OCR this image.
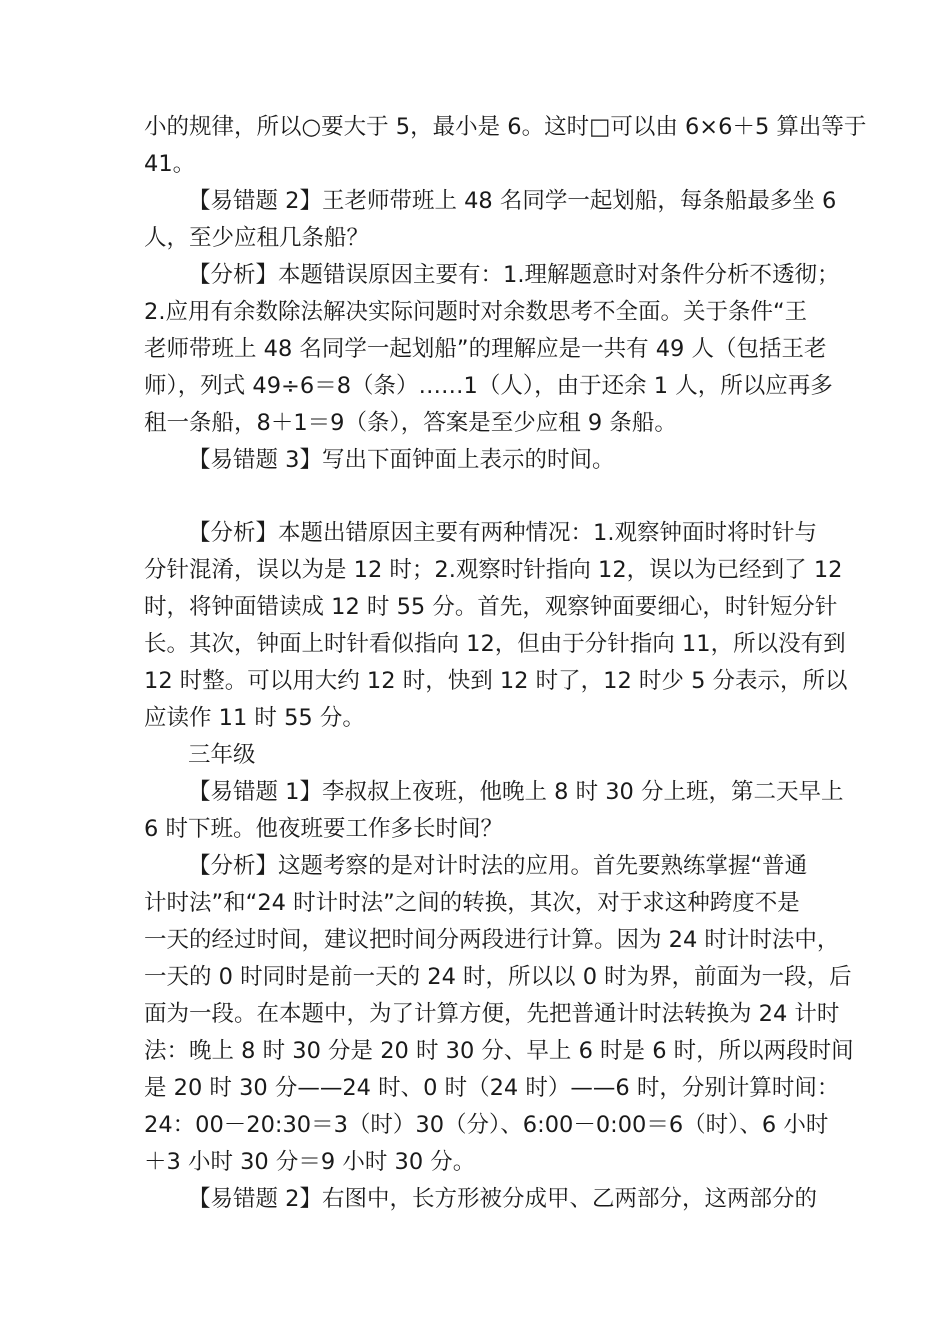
小的规律，所以○要大于 5，最小是 6。这时□可以由 6×6＋5 算出等于
41。
【易错题 2】王老师带班上 48 名同学一起划船，每条船最多坐 6
人，至少应租几条船？
【分析】本题错误原因主要有：1.理解题意时对条件分析不透彻；
2.应用有余数除法解决实际问题时对余数思考不全面。关于条件“王
老师带班上 48 名同学一起划船”的理解应是一共有 49 人（包括王老
师），列式 49÷6＝8（条）……1（人），由于还余 1 人，所以应再多
租一条船，8＋1＝9（条），答案是至少应租 9 条船。
【易错题 3】写出下面钟面上表示的时间。
【分析】本题出错原因主要有两种情况：1.观察钟面时将时针与
分针混淆，误以为是 12 时；2.观察时针指向 12，误以为已经到了 12
时，将钟面错读成 12 时 55 分。首先，观察钟面要细心，时针短分针
长。其次，钟面上时针看似指向 12，但由于分针指向 11，所以没有到
12 时整。可以用大约 12 时，快到 12 时了，12 时少 5 分表示，所以
应读作 11 时 55 分。
三年级
【易错题 1】李叔叔上夜班，他晚上 8 时 30 分上班，第二天早上
6 时下班。他夜班要工作多长时间？
【分析】这题考察的是对计时法的应用。首先要熟练掌握“普通
计时法”和“24 时计时法”之间的转换，其次，对于求这种跨度不是
一天的经过时间，建议把时间分两段进行计算。因为 24 时计时法中，
一天的 0 时同时是前一天的 24 时，所以以 0 时为界，前面为一段，后
面为一段。在本题中，为了计算方便，先把普通计时法转换为 24 计时
法：晚上 8 时 30 分是 20 时 30 分、早上 6 时是 6 时，所以两段时间
是 20 时 30 分——24 时、0 时（24 时）——6 时，分别计算时间：
24：00－20:30＝3（时）30（分）、6:00－0:00＝6（时）、6 小时
＋3 小时 30 分＝9 小时 30 分。
【易错题 2】右图中，长方形被分成甲、乙两部分，这两部分的
